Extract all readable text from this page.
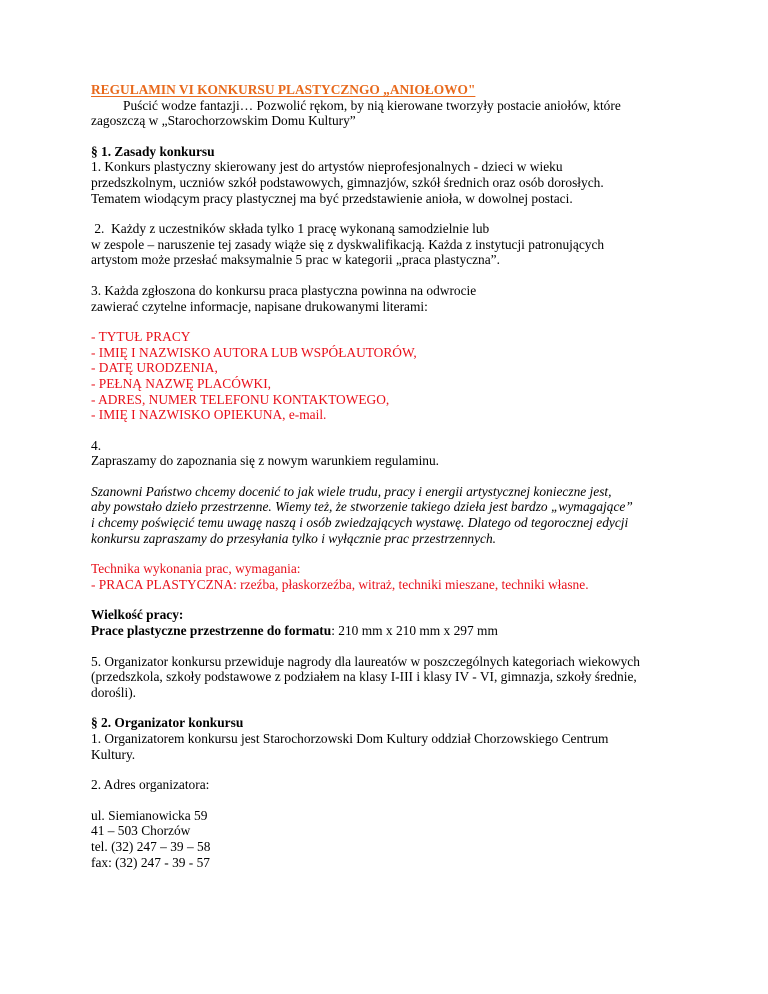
REGULAMIN VI KONKURSU PLASTYCZNGO „ANIOŁOWO"
Puścić wodze fantazji… Pozwolić rękom, by nią kierowane tworzyły postacie aniołów, które
zagoszczą w „Starochorzowskim Domu Kultury”
§ 1. Zasady konkursu
1. Konkurs plastyczny skierowany jest do artystów nieprofesjonalnych - dzieci w wieku
przedszkolnym, uczniów szkół podstawowych, gimnazjów, szkół średnich oraz osób dorosłych.
Tematem wiodącym pracy plastycznej ma być przedstawienie anioła, w dowolnej postaci.
2.  Każdy z uczestników składa tylko 1 pracę wykonaną samodzielnie lub
w zespole – naruszenie tej zasady wiąże się z dyskwalifikacją. Każda z instytucji patronujących
artystom może przesłać maksymalnie 5 prac w kategorii „praca plastyczna”.
3. Każda zgłoszona do konkursu praca plastyczna powinna na odwrocie
zawierać czytelne informacje, napisane drukowanymi literami:
- TYTUŁ PRACY
- IMIĘ I NAZWISKO AUTORA LUB WSPÓŁAUTORÓW,
- DATĘ URODZENIA,
- PEŁNĄ NAZWĘ PLACÓWKI,
- ADRES, NUMER TELEFONU KONTAKTOWEGO,
- IMIĘ I NAZWISKO OPIEKUNA, e-mail.
4.
Zapraszamy do zapoznania się z nowym warunkiem regulaminu.
Szanowni Państwo chcemy docenić to jak wiele trudu, pracy i energii artystycznej konieczne jest,
aby powstało dzieło przestrzenne. Wiemy też, że stworzenie takiego dzieła jest bardzo „wymagające”
i chcemy poświęcić temu uwagę naszą i osób zwiedzających wystawę. Dlatego od tegorocznej edycji
konkursu zapraszamy do przesyłania tylko i wyłącznie prac przestrzennych.
Technika wykonania prac, wymagania:
- PRACA PLASTYCZNA: rzeźba, płaskorzeźba, witraż, techniki mieszane, techniki własne.
Wielkość pracy:
Prace plastyczne przestrzenne do formatu: 210 mm x 210 mm x 297 mm
5. Organizator konkursu przewiduje nagrody dla laureatów w poszczególnych kategoriach wiekowych
(przedszkola, szkoły podstawowe z podziałem na klasy I-III i klasy IV - VI, gimnazja, szkoły średnie,
dorośli).
§ 2. Organizator konkursu
1. Organizatorem konkursu jest Starochorzowski Dom Kultury oddział Chorzowskiego Centrum
Kultury.
2. Adres organizatora:
ul. Siemianowicka 59
41 – 503 Chorzów
tel. (32) 247 – 39 – 58
fax: (32) 247 - 39 - 57
